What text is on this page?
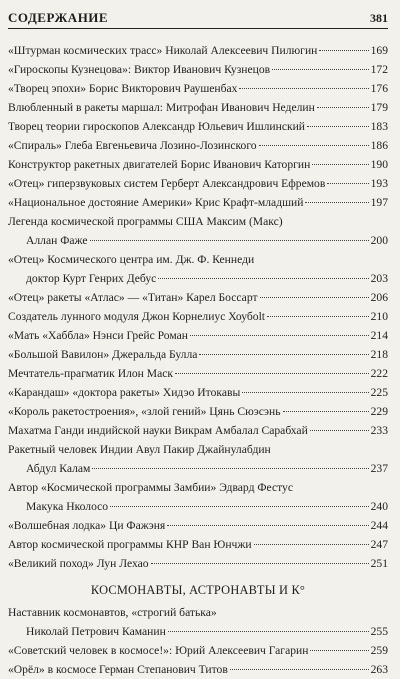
СОДЕРЖАНИЕ	381
«Штурман космических трасс» Николай Алексеевич Пилюгин	169
«Гироскопы Кузнецова»: Виктор Иванович Кузнецов	172
«Творец эпохи» Борис Викторович Раушенбах	176
Влюбленный в ракеты маршал: Митрофан Иванович Неделин	179
Творец теории гироскопов Александр Юльевич Ишлинский	183
«Спираль» Глеба Евгеньевича Лозино-Лозинского	186
Конструктор ракетных двигателей Борис Иванович Каторгин	190
«Отец» гиперзвуковых систем Герберт Александрович Ефремов	193
«Национальное достояние Америки» Крис Крафт-младший	197
Легенда космической программы США Максим (Макс)
Аллан Фаже	200
«Отец» Космического центра им. Дж. Ф. Кеннеди
доктор Курт Генрих Дебус	203
«Отец» ракеты «Атлас» — «Титан» Карел Боссарт	206
Создатель лунного модуля Джон Корнелиус Хоубolt	210
«Мать «Хаббла» Нэнси Грейс Роман	214
«Большой Вавилон» Джеральда Булла	218
Мечтатель-прагматик Илон Маск	222
«Карандаш» «доктора ракеты» Хидэо Итокавы	225
«Король ракетостроения», «злой гений» Цянь Сюэсэнь	229
Махатма Ганди индийской науки Викрам Амбалал Сарабхай	233
Ракетный человек Индии Авул Пакир Джайнулабдин
Абдул Калам	237
Автор «Космической программы Замбии» Эдвард Фестус
Макука Нколосо	240
«Волшебная лодка» Ци Фажэня	244
Автор космической программы КНР Ван Юнчжи	247
«Великий поход» Лун Лехао	251
КОСМОНАВТЫ, АСТРОНАВТЫ И К°
Наставник космонавтов, «строгий батька»
Николай Петрович Каманин	255
«Советский человек в космосе!»: Юрий Алексеевич Гагарин	259
«Орёл» в космосе Герман Степанович Титов	263
